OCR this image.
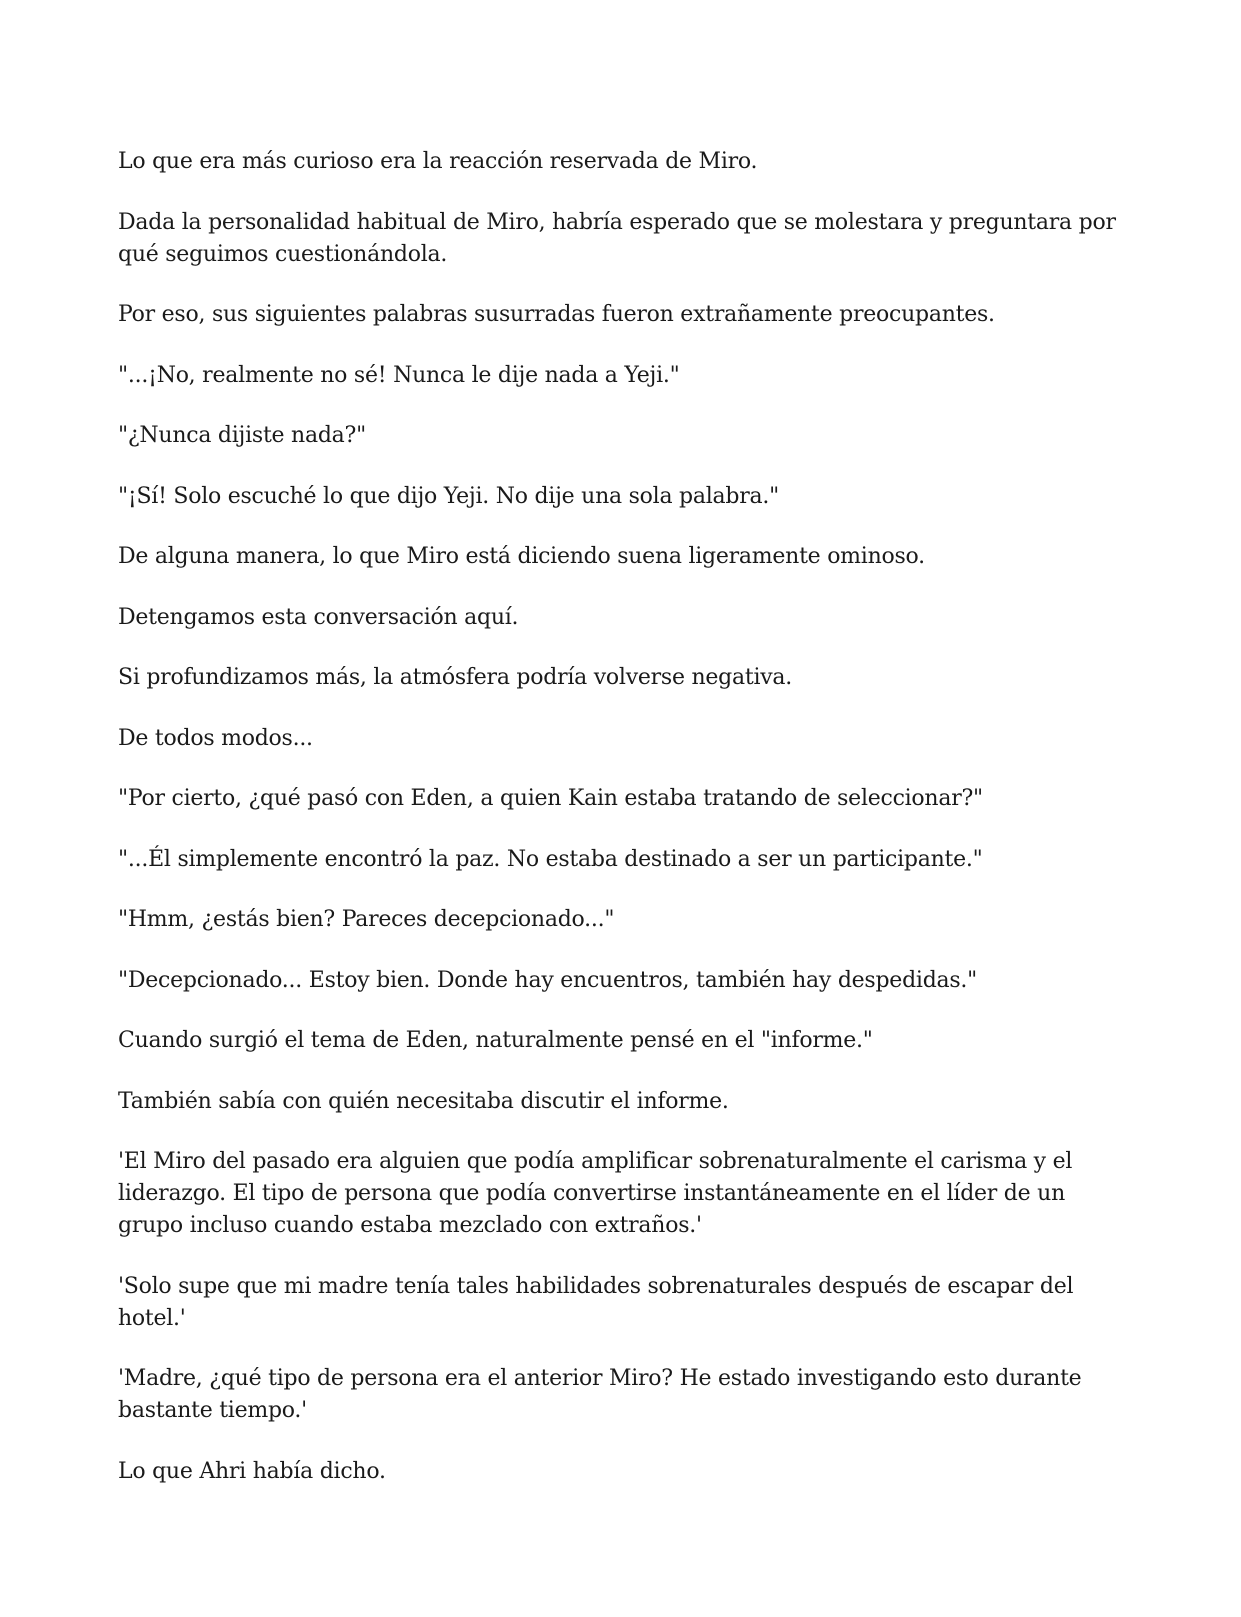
Lo que era más curioso era la reacción reservada de Miro.

Dada la personalidad habitual de Miro, habría esperado que se molestara y preguntara por qué seguimos cuestionándola.

Por eso, sus siguientes palabras susurradas fueron extrañamente preocupantes.

"...¡No, realmente no sé! Nunca le dije nada a Yeji."

"¿Nunca dijiste nada?"

"¡Sí! Solo escuché lo que dijo Yeji. No dije una sola palabra."

De alguna manera, lo que Miro está diciendo suena ligeramente ominoso.

Detengamos esta conversación aquí.

Si profundizamos más, la atmósfera podría volverse negativa.

De todos modos...

"Por cierto, ¿qué pasó con Eden, a quien Kain estaba tratando de seleccionar?"

"...Él simplemente encontró la paz. No estaba destinado a ser un participante."

"Hmm, ¿estás bien? Pareces decepcionado..."

"Decepcionado... Estoy bien. Donde hay encuentros, también hay despedidas."

Cuando surgió el tema de Eden, naturalmente pensé en el "informe."

También sabía con quién necesitaba discutir el informe.

'El Miro del pasado era alguien que podía amplificar sobrenaturalmente el carisma y el liderazgo. El tipo de persona que podía convertirse instantáneamente en el líder de un grupo incluso cuando estaba mezclado con extraños.'

'Solo supe que mi madre tenía tales habilidades sobrenaturales después de escapar del hotel.'

'Madre, ¿qué tipo de persona era el anterior Miro? He estado investigando esto durante bastante tiempo.'

Lo que Ahri había dicho.
